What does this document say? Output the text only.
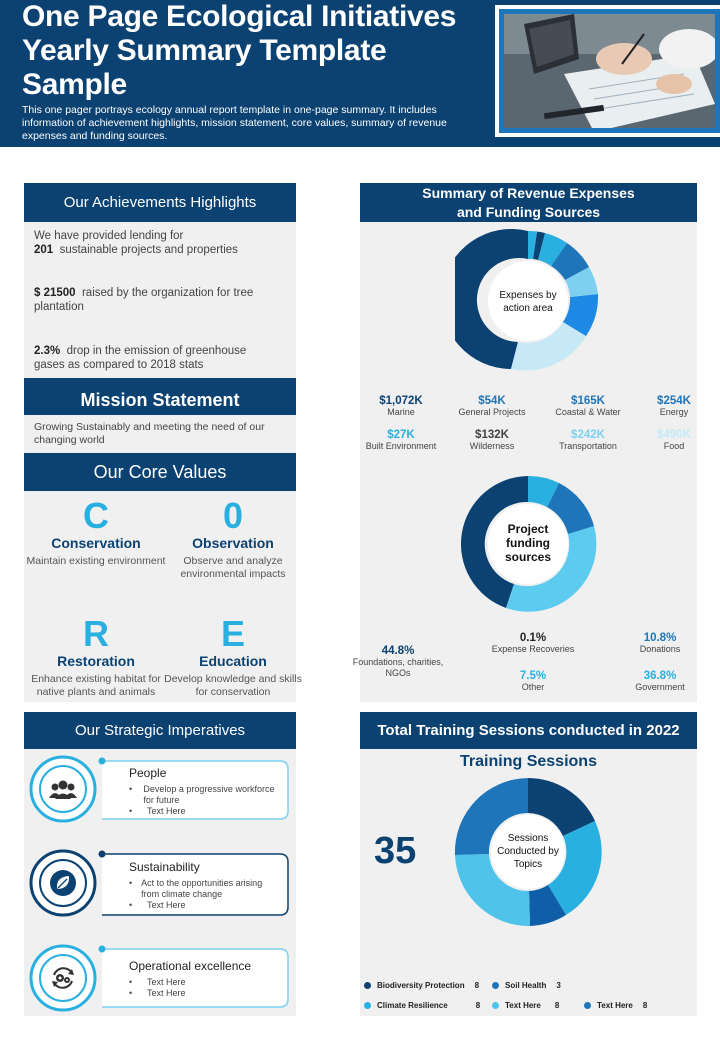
One Page Ecological Initiatives Yearly Summary Template Sample
This one pager portrays ecology annual report template in one-page summary. It includes information of achievement highlights, mission statement, core values, summary of revenue expenses and funding sources.
Our Achievements Highlights
We have provided lending for
201 sustainable projects and properties
$ 21500 raised by the organization for tree plantation
2.3% drop in the emission of greenhouse gases as compared to 2018 stats
Mission Statement
Growing Sustainably and meeting the need of our changing world
Our Core Values
C
Conservation
Maintain existing environment
0
Observation
Observe and analyze environmental impacts
R
Restoration
Enhance existing habitat for native plants and animals
E
Education
Develop knowledge and skills for conservation
Our Strategic Imperatives
People
•	Develop a progressive workforce for future
•	Text Here
Sustainability
• Act to the opportunities arising from climate change
•	Text Here
Operational excellence
•	Text Here
•	Text Here
Summary of Revenue Expenses
and Funding Sources
Expenses by action area
$1,072K
Marine
$54K
General Projects
$165K
Coastal & Water
$254K
Energy
$27K
Built Environment
$132K
Wilderness
$242K
Transportation
$490K
Food
Project funding sources
44.8%
Foundations, charities, NGOs
0.1%
Expense Recoveries
10.8%
Donations
7.5%
Other
36.8%
Government
Total Training Sessions conducted in 2022
Training Sessions
35	Sessions Conducted by Topics
Biodiversity Protection 8	Soil Health 3
Climate Resilience	8	Text Here 8	Text Here 8
